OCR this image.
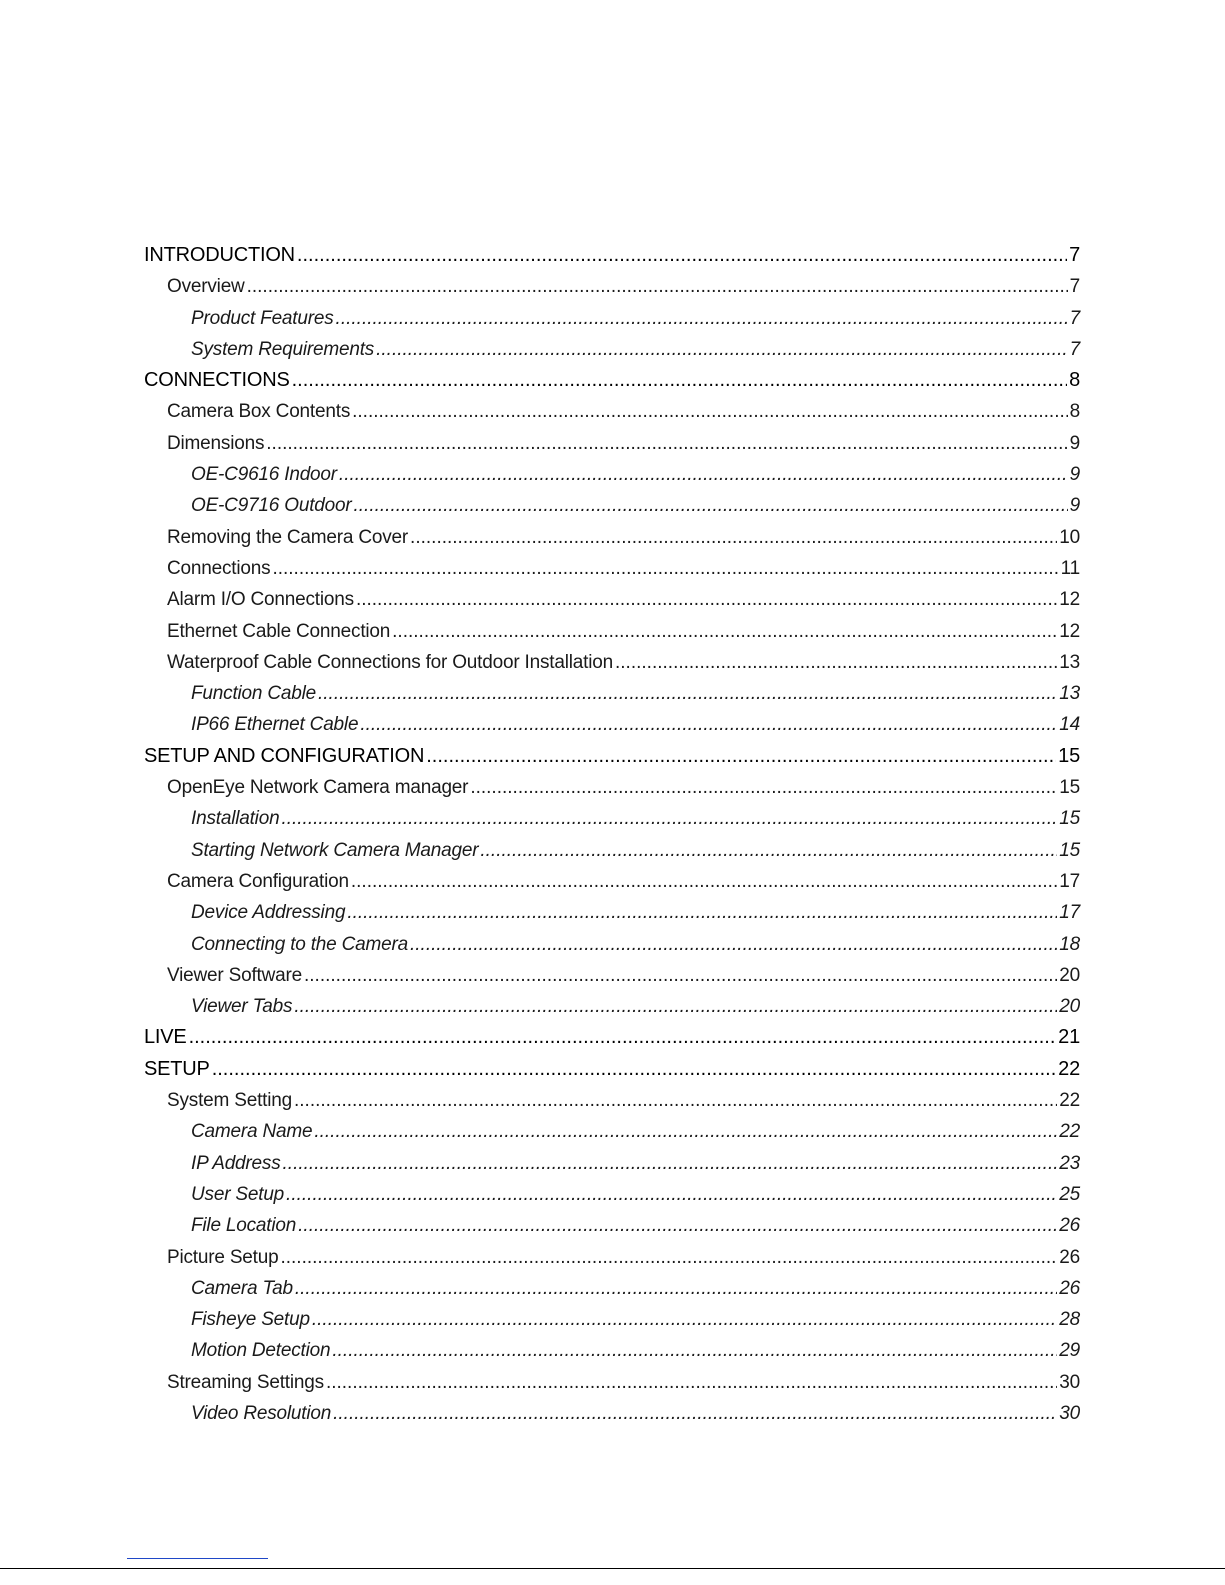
INTRODUCTION .....	7
Overview .....	7
Product Features .....	7
System Requirements .....	7
CONNECTIONS .....	8
Camera Box Contents .....	8
Dimensions .....	9
OE-C9616 Indoor .....	9
OE-C9716 Outdoor .....	9
Removing the Camera Cover .....	10
Connections .....	11
Alarm I/O Connections .....	12
Ethernet Cable Connection .....	12
Waterproof Cable Connections for Outdoor Installation .....	13
Function Cable .....	13
IP66 Ethernet Cable .....	14
SETUP AND CONFIGURATION .....	15
OpenEye Network Camera manager .....	15
Installation .....	15
Starting Network Camera Manager .....	15
Camera Configuration .....	17
Device Addressing .....	17
Connecting to the Camera .....	18
Viewer Software .....	20
Viewer Tabs .....	20
LIVE .....	21
SETUP .....	22
System Setting .....	22
Camera Name .....	22
IP Address .....	23
User Setup .....	25
File Location .....	26
Picture Setup .....	26
Camera Tab .....	26
Fisheye Setup .....	28
Motion Detection .....	29
Streaming Settings .....	30
Video Resolution .....	30
